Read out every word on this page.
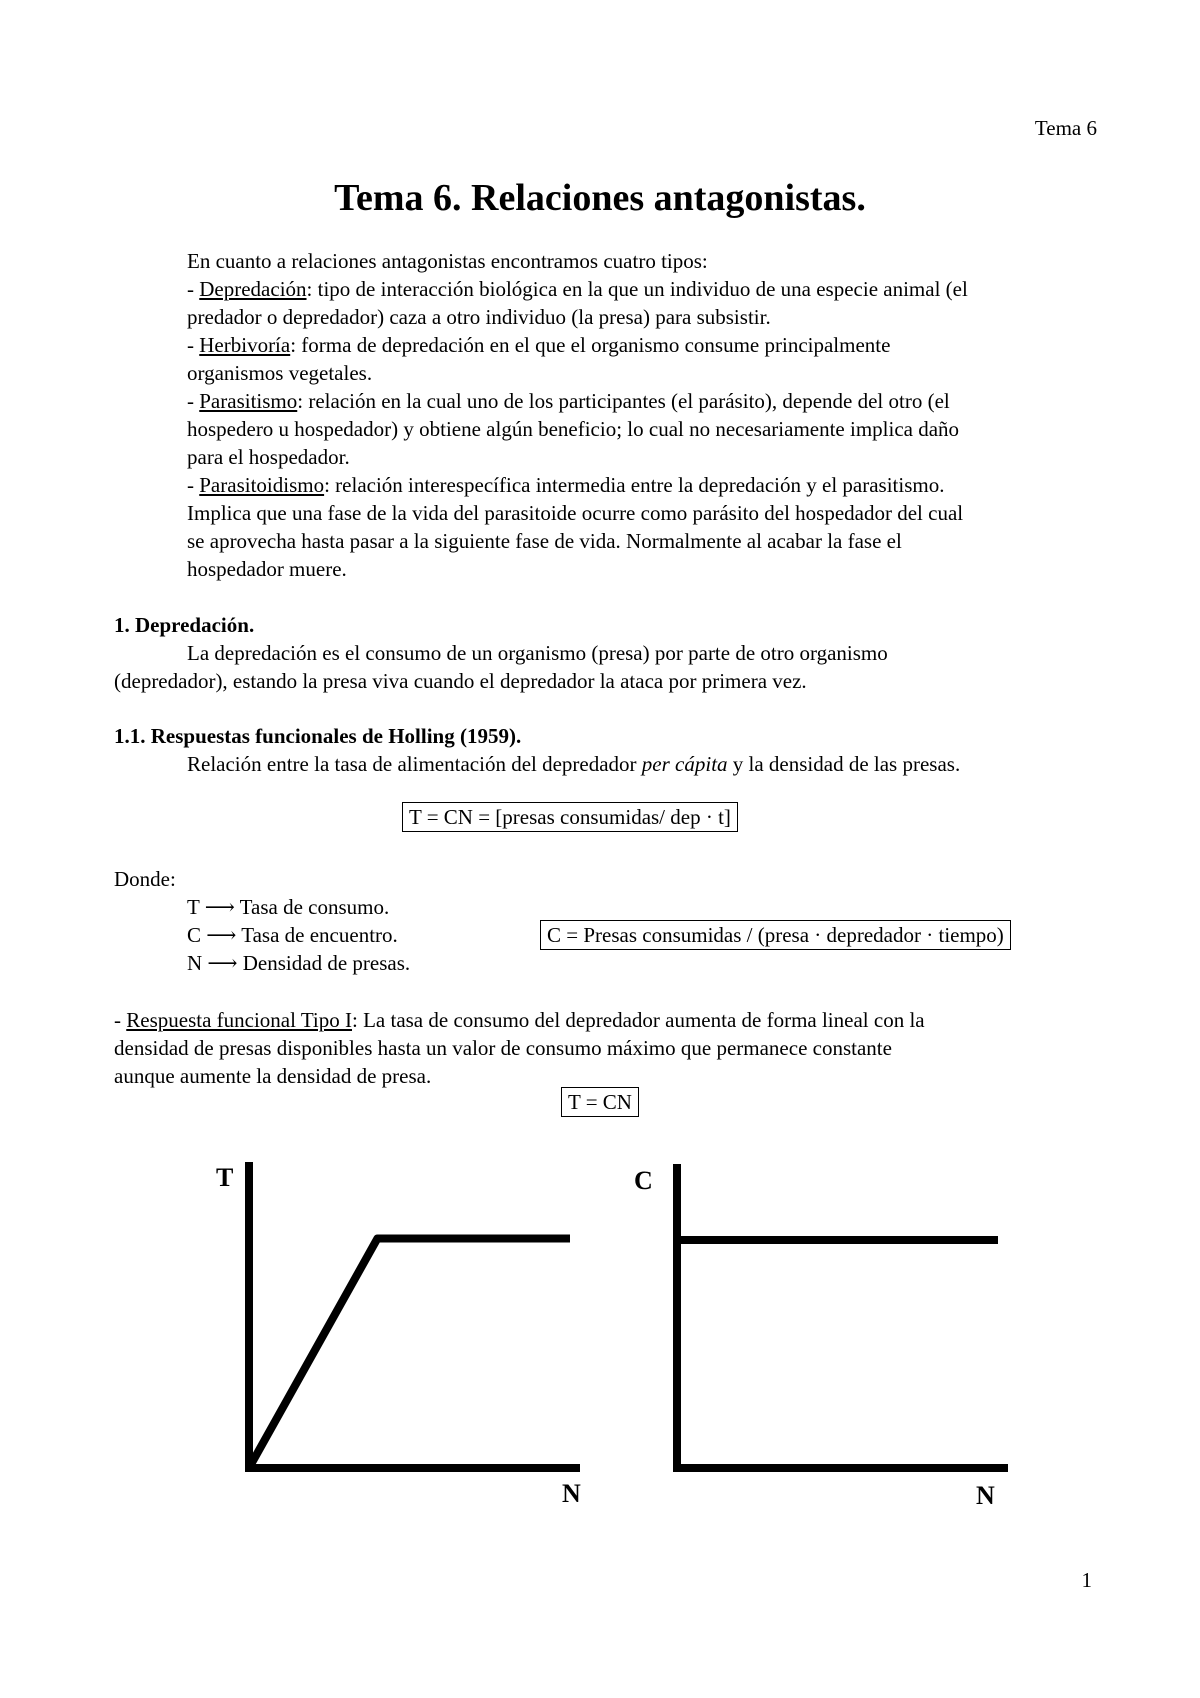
Tema 6
Tema 6. Relaciones antagonistas.
En cuanto a relaciones antagonistas encontramos cuatro tipos:
- Depredación: tipo de interacción biológica en la que un individuo de una especie animal (el
predador o depredador) caza a otro individuo (la presa) para subsistir.
- Herbivoría: forma de depredación en el que el organismo consume principalmente
organismos vegetales.
- Parasitismo: relación en la cual uno de los participantes (el parásito), depende del otro (el
hospedero u hospedador) y obtiene algún beneficio; lo cual no necesariamente implica daño
para el hospedador.
- Parasitoidismo: relación interespecífica intermedia entre la depredación y el parasitismo.
Implica que una fase de la vida del parasitoide ocurre como parásito del hospedador del cual
se aprovecha hasta pasar a la siguiente fase de vida. Normalmente al acabar la fase el
hospedador muere.
1. Depredación.
La depredación es el consumo de un organismo (presa) por parte de otro organismo
(depredador), estando la presa viva cuando el depredador la ataca por primera vez.
1.1. Respuestas funcionales de Holling (1959).
Relación entre la tasa de alimentación del depredador per cápita y la densidad de las presas.
T = CN = [presas consumidas/ dep · t]
Donde:
T ⟶ Tasa de consumo.
C ⟶ Tasa de encuentro.
N ⟶ Densidad de presas.
C = Presas consumidas / (presa · depredador · tiempo)
- Respuesta funcional Tipo I: La tasa de consumo del depredador aumenta de forma lineal con la
densidad de presas disponibles hasta un valor de consumo máximo que permanece constante
aunque aumente la densidad de presa.
T = CN
T
N
C
N
1
